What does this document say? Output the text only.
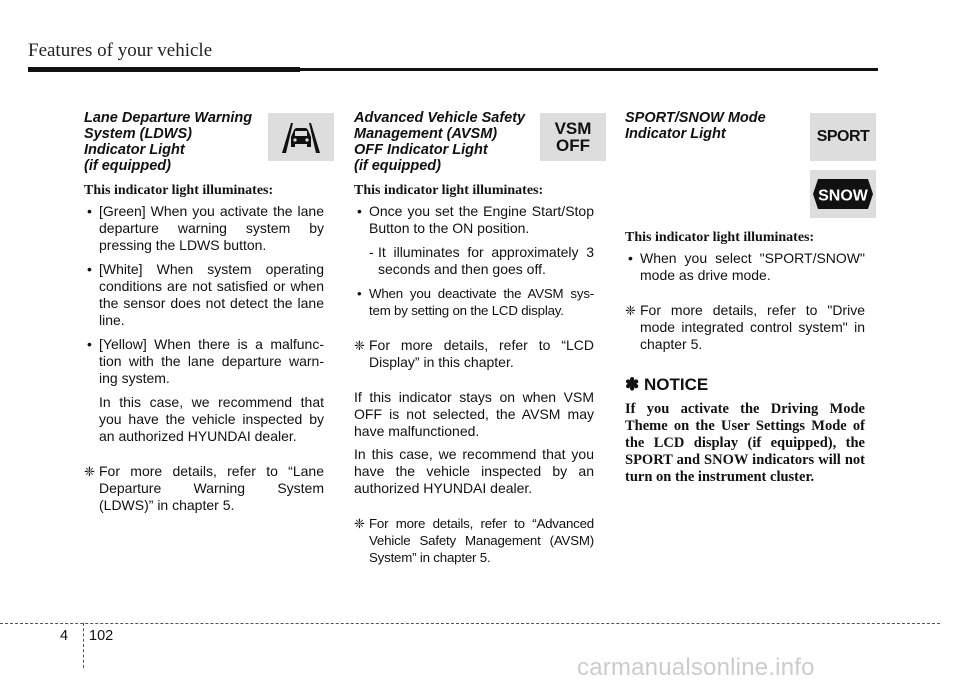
Features of your vehicle
Lane Departure Warning
System (LDWS)
Indicator Light
(if equipped)
This indicator light illuminates:
• [Green] When you activate the lane departure warning system by pressing the LDWS button.
• [White] When system operating conditions are not satisfied or when the sensor does not detect the lane line.
• [Yellow] When there is a malfunc-tion with the lane departure warn-ing system.
In this case, we recommend that you have the vehicle inspected by an authorized HYUNDAI dealer.
❈ For more details, refer to “Lane Departure Warning System (LDWS)” in chapter 5.
Advanced Vehicle Safety
Management (AVSM)
OFF Indicator Light
(if equipped)
This indicator light illuminates:
• Once you set the Engine Start/Stop Button to the ON position.
- It illuminates for approximately 3 seconds and then goes off.
• When you deactivate the AVSM sys-tem by setting on the LCD display.
❈ For more details, refer to “LCD Display” in this chapter.
If this indicator stays on when VSM OFF is not selected, the AVSM may have malfunctioned.
In this case, we recommend that you have the vehicle inspected by an authorized HYUNDAI dealer.
❈ For more details, refer to “Advanced Vehicle Safety Management (AVSM) System” in chapter 5.
VSM
OFF
SPORT/SNOW Mode
Indicator Light
This indicator light illuminates:
• When you select "SPORT/SNOW" mode as drive mode.
❈ For more details, refer to "Drive mode integrated control system" in chapter 5.
✽ NOTICE
If you activate the Driving Mode Theme on the User Settings Mode of the LCD display (if equipped), the SPORT and SNOW indicators will not turn on the instrument cluster.
SPORT
SNOW
4 102
carmanualsonline.info
